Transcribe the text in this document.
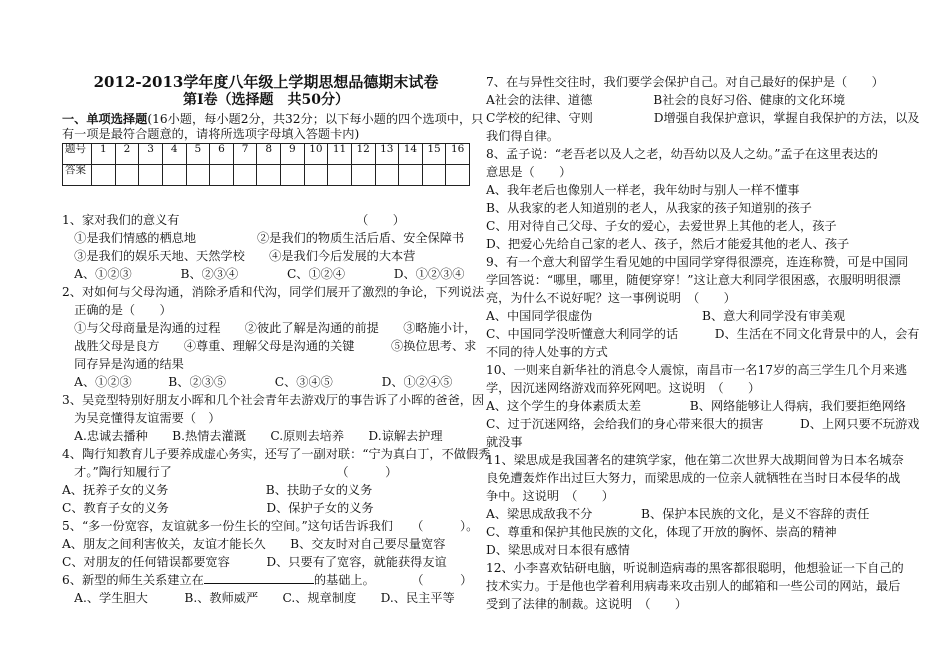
2012-2013学年度八年级上学期思想品德期末试卷
第Ⅰ卷（选择题　共50分）
一、单项选择题(16小题，每小题2分，共32分；以下每小题的四个选项中，只
有一项是最符合题意的，请将所选项字母填入答题卡内)
题号	1	2	3	4	5	6	7	8	9	10	11	12	13	14	15	16
答案																
1、家对我们的意义有　　　　　　　　　　　　　　　（　　）
　①是我们情感的栖息地　　　　　②是我们的物质生活后盾、安全保障书
　③是我们的娱乐天地、天然学校　　④是我们今后发展的大本营
　A、①②③　　　　B、②③④　　　　C、①②④　　　　D、①②③④
2、对如何与父母沟通，消除矛盾和代沟，同学们展开了激烈的争论，下列说法
　正确的是（　　）
　①与父母商量是沟通的过程　　②彼此了解是沟通的前提　　③略施小计，
　战胜父母是良方　　④尊重、理解父母是沟通的关键　　　⑤换位思考、求
　同存异是沟通的结果
　A、①②③　　　B、②③⑤　　　　C、③④⑤　　　　D、①②④⑤
3、吴竞型特别好朋友小晖和几个社会青年去游戏厅的事告诉了小晖的爸爸，因
　为吴竞懂得友谊需要（　）
　A.忠诚去播种　　B.热情去灌溉　　C.原则去培养　　D.谅解去护理
4、陶行知教育儿子要养成虚心务实，还写了一副对联：“宁为真白丁，不做假秀
　才。”陶行知履行了　　　　　　　　　　　　　　（　　　）
A、抚养子女的义务　　　　　　　　B、扶助子女的义务
C、教育子女的义务　　　　　　　　D、保护子女的义务
5、“多一份宽容，友谊就多一份生长的空间。”这句话告诉我们　　（　　　）。
A、朋友之间利害攸关，友谊才能长久　　B、交友时对自己要尽量宽容
C、对朋友的任何错误都要宽容　　　D、只要有了宽容，就能获得友谊
6、新型的师生关系建立在	的基础上。　　　　（　　　）
　A.、学生胆大　　　B.、教师威严　　C.、规章制度　　D.、民主平等
7、在与异性交往时，我们要学会保护自己。对自己最好的保护是（　　）
A社会的法律、道德　　　　　B社会的良好习俗、健康的文化环境
C学校的纪律、守则　　　　　D增强自我保护意识，掌握自我保护的方法，以及
我们得自律。
8、孟子说：“老吾老以及人之老，幼吾幼以及人之幼。”孟子在这里表达的
意思是（　　）
A、我年老后也像别人一样老，我年幼时与别人一样不懂事
B、从我家的老人知道别的老人，从我家的孩子知道别的孩子
C、用对待自己父母、子女的爱心，去爱世界上其他的老人，孩子
D、把爱心先给自己家的老人、孩子，然后才能爱其他的老人、孩子
9、有一个意大利留学生看见她的中国同学穿得很漂亮，连连称赞，可是中国同
学回答说：“哪里，哪里，随便穿穿！”这让意大利同学很困惑，衣服明明很漂
亮，为什么不说好呢？这一事例说明　（　　）
A、中国同学很虚伪　　　　　　　　　B、意大利同学没有审美观
C、中国同学没听懂意大利同学的话　　　D、生活在不同文化背景中的人，会有
不同的待人处事的方式
10、一则来自新华社的消息令人震惊，南昌市一名17岁的高三学生几个月来逃
学，因沉迷网络游戏而猝死网吧。这说明　（　　）
A、这个学生的身体素质太差　　　　B、网络能够让人得病，我们要拒绝网络
C、过于沉迷网络，会给我们的身心带来很大的损害　　　D、上网只要不玩游戏
就没事
11、梁思成是我国著名的建筑学家，他在第二次世界大战期间曾为日本名城奈
良免遭轰炸作出过巨大努力，而梁思成的一位亲人就牺牲在当时日本侵华的战
争中。这说明　（　　）
A、梁思成敌我不分　　　　B、保护本民族的文化，是义不容辞的责任
C、尊重和保护其他民族的文化，体现了开放的胸怀、崇高的精神
D、梁思成对日本很有感情
12、小李喜欢钻研电脑，听说制造病毒的黑客都很聪明，他想验证一下自己的
技术实力。于是他也学着利用病毒来攻击别人的邮箱和一些公司的网站，最后
受到了法律的制裁。这说明　（　　）
